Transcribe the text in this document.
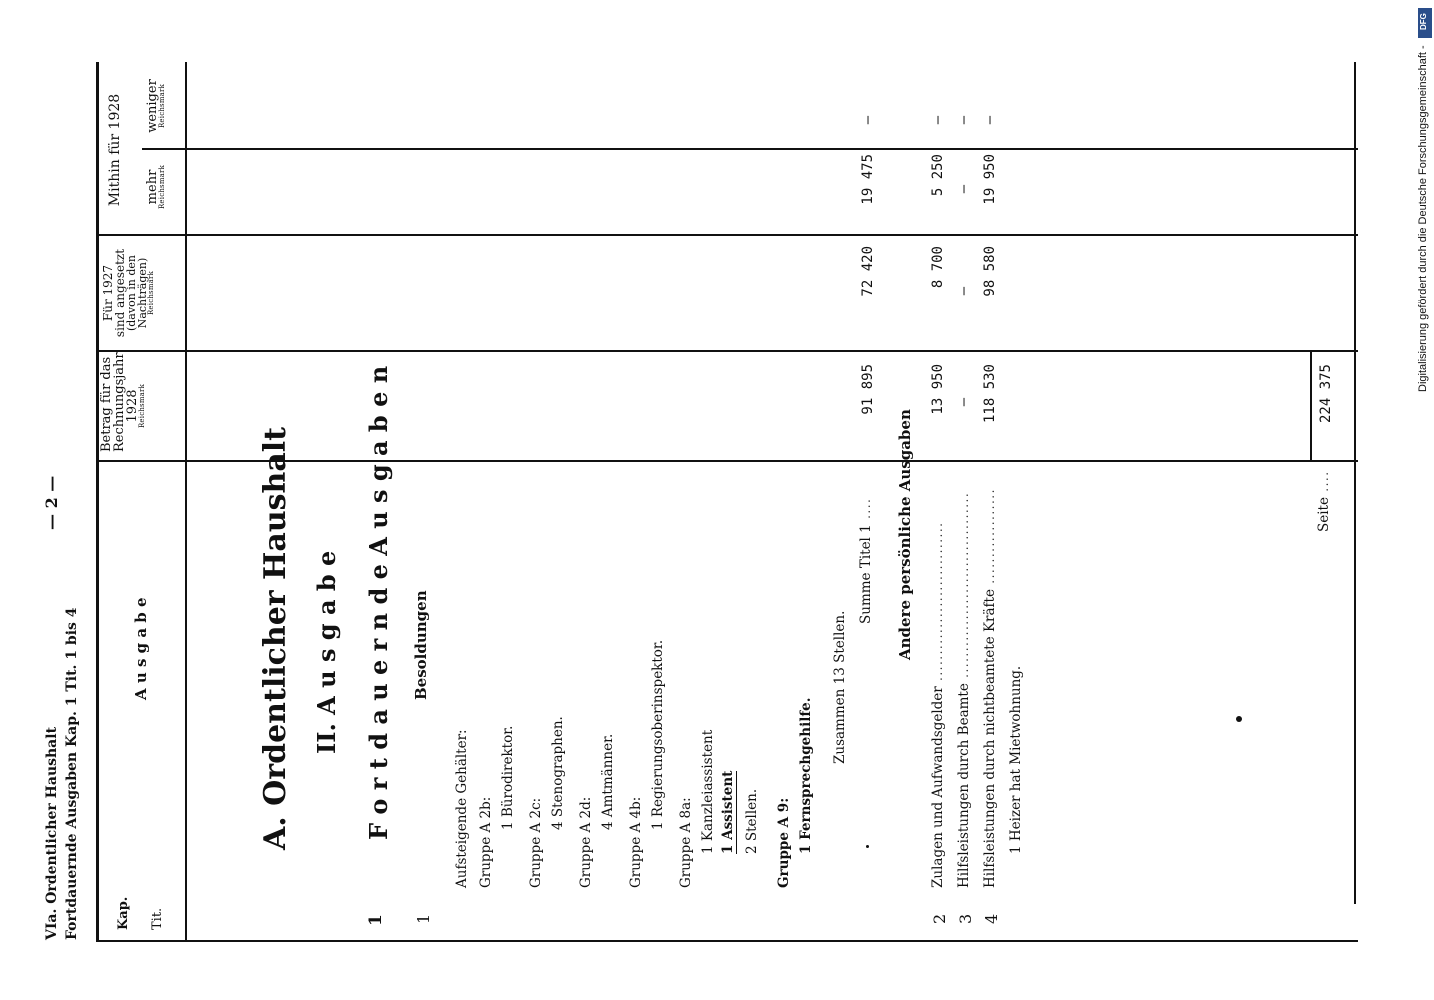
VIa. Ordentlicher Haushalt Fortdauernde Ausgaben Kap. 1 Tit. 1 bis 4
— 2 —
Kap. Tit.
A u s g a b e
Betrag für das
Rechnungsjahr
1928
Reichsmark
Für 1927
sind angesetzt
(davon in den
Nachträgen)
Reichsmark
Mithin für 1928 mehr
Reichsmark
weniger
Reichsmark
A. Ordentlicher Haushalt II. A u s g a b e F o r t d a u e r n d e A u s g a b e n Besoldungen
1 1
Aufsteigende Gehälter: Gruppe A 2b:
1 Bürodirektor.
Gruppe A 2c:
4 Stenographen.
Gruppe A 2d:
4 Amtmänner.
Gruppe A 4b:
1 Regierungsoberinspektor.
Gruppe A 8a: 1 Kanzleiassistent 1 Assistent 2 Stellen. Gruppe A 9: 1 Fernsprechgehilfe.
Zusammen 13 Stellen.
Summe Titel 1 ....
91 895
72 420
19 475
—
Andere persönliche Ausgaben
2
Zulagen und Aufwandsgelder ..............................
13 950
8 700
5 250
—
3
Hilfsleistungen durch Beamte ...................................
—
—
—
—
4
Hilfsleistungen durch nichtbeamtete Kräfte ..................
118 530
98 580
19 950
—
1 Heizer hat Mietwohnung.
Seite ....
224 375
DFG
Digitalisierung gefördert durch die Deutsche Forschungsgemeinschaft -
